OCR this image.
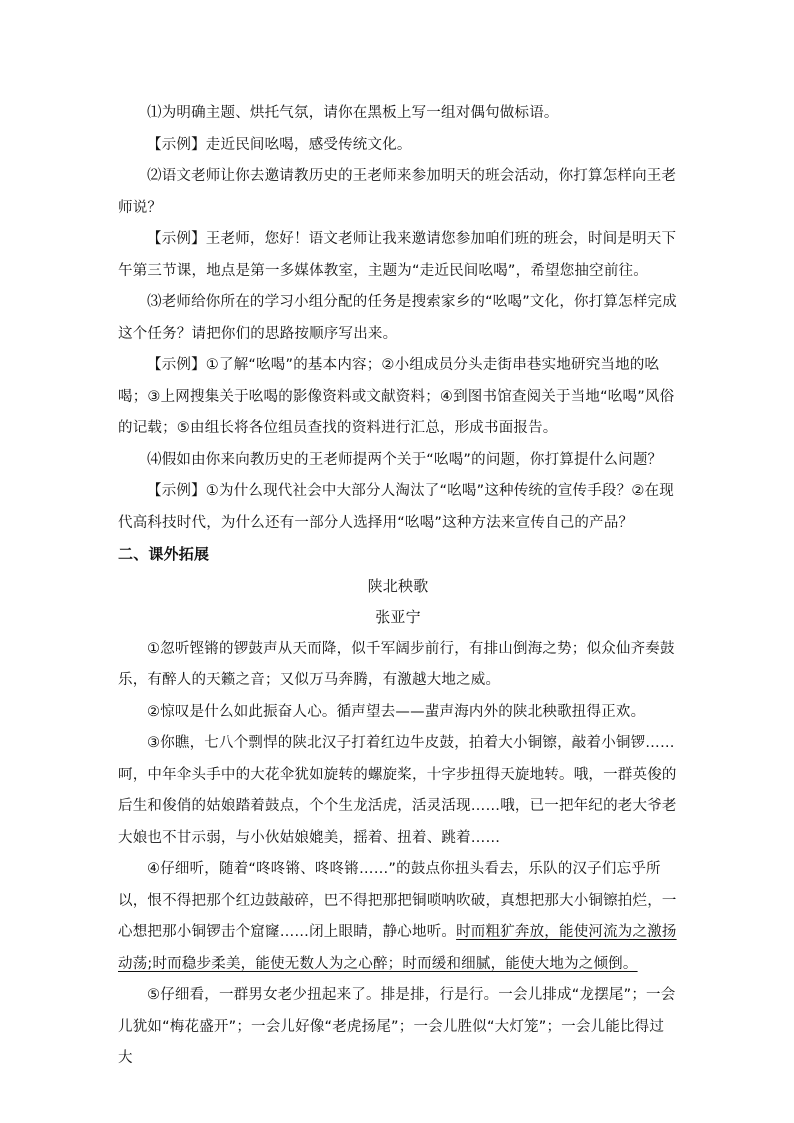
⑴为明确主题、烘托气氛，请你在黑板上写一组对偶句做标语。

【示例】走近民间吆喝，感受传统文化。

⑵语文老师让你去邀请教历史的王老师来参加明天的班会活动，你打算怎样向王老师说？

【示例】王老师，您好！语文老师让我来邀请您参加咱们班的班会，时间是明天下午第三节课，地点是第一多媒体教室，主题为“走近民间吆喝”，希望您抽空前往。

⑶老师给你所在的学习小组分配的任务是搜索家乡的“吆喝”文化，你打算怎样完成这个任务？请把你们的思路按顺序写出来。

【示例】①了解“吆喝”的基本内容；②小组成员分头走街串巷实地研究当地的吆喝；③上网搜集关于吆喝的影像资料或文献资料；④到图书馆查阅关于当地“吆喝”风俗的记载；⑤由组长将各位组员查找的资料进行汇总，形成书面报告。

⑷假如由你来向教历史的王老师提两个关于“吆喝”的问题，你打算提什么问题？

【示例】①为什么现代社会中大部分人淘汰了“吆喝”这种传统的宣传手段？②在现代高科技时代，为什么还有一部分人选择用“吆喝”这种方法来宣传自己的产品？

二、课外拓展

陕北秧歌

张亚宁

①忽听铿锵的锣鼓声从天而降，似千军阔步前行，有排山倒海之势；似众仙齐奏鼓乐，有醉人的天籁之音；又似万马奔腾，有激越大地之威。

②惊叹是什么如此振奋人心。循声望去——蜚声海内外的陕北秧歌扭得正欢。

③你瞧，七八个剽悍的陕北汉子打着红边牛皮鼓，拍着大小铜镲，敲着小铜锣……呵，中年伞头手中的大花伞犹如旋转的螺旋桨，十字步扭得天旋地转。哦，一群英俊的后生和俊俏的姑娘踏着鼓点，个个生龙活虎，活灵活现……哦，已一把年纪的老大爷老大娘也不甘示弱，与小伙姑娘媲美，摇着、扭着、跳着……

④仔细听，随着“咚咚锵、咚咚锵……”的鼓点你扭头看去，乐队的汉子们忘乎所以，恨不得把那个红边鼓敲碎，巴不得把那把铜唢呐吹破，真想把那大小铜镲拍烂，一心想把那小铜锣击个窟窿……闭上眼睛，静心地听。时而粗犷奔放，能使河流为之激扬动荡;时而稳步柔美，能使无数人为之心醉；时而缓和细腻，能使大地为之倾倒。

⑤仔细看，一群男女老少扭起来了。排是排，行是行。一会儿排成“龙摆尾”；一会儿犹如“梅花盛开”；一会儿好像“老虎扬尾”；一会儿胜似“大灯笼”；一会儿能比得过大
